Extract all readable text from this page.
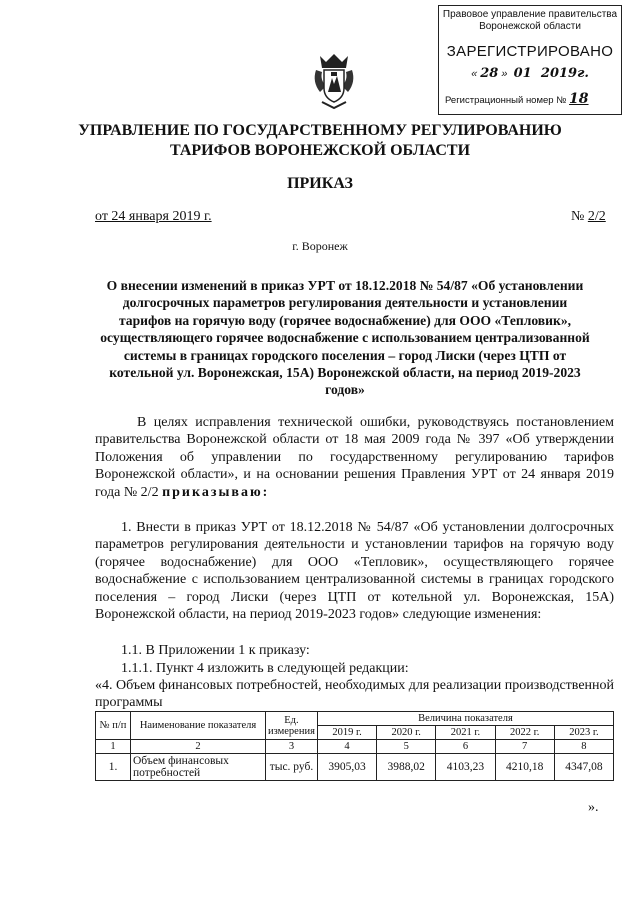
Правовое управление правительства
Воронежской области
ЗАРЕГИСТРИРОВАНО
« 28 »  01 2019г.
Регистрационный номер № 18
УПРАВЛЕНИЕ ПО ГОСУДАРСТВЕННОМУ РЕГУЛИРОВАНИЮ
ТАРИФОВ ВОРОНЕЖСКОЙ ОБЛАСТИ
ПРИКАЗ
от 24 января 2019 г.	№ 2/2
г. Воронеж
О внесении изменений в приказ УРТ от 18.12.2018 № 54/87 «Об установлении долгосрочных параметров регулирования деятельности и установлении тарифов на горячую воду (горячее водоснабжение) для ООО «Тепловик», осуществляющего горячее водоснабжение с использованием централизованной системы в границах городского поселения – город Лиски (через ЦТП от котельной ул. Воронежская, 15А) Воронежской области, на период 2019-2023 годов»
В целях исправления технической ошибки, руководствуясь постановлением правительства Воронежской области от 18 мая 2009 года № 397 «Об утверждении Положения об управлении по государственному регулированию тарифов Воронежской области», и на основании решения Правления УРТ от 24 января 2019 года № 2/2 приказываю:
1. Внести в приказ УРТ от 18.12.2018 № 54/87 «Об установлении долгосрочных параметров регулирования деятельности и установлении тарифов на горячую воду (горячее водоснабжение) для ООО «Тепловик», осуществляющего горячее водоснабжение с использованием централизованной системы в границах городского поселения – город Лиски (через ЦТП от котельной ул. Воронежская, 15А) Воронежской области, на период 2019-2023 годов» следующие изменения:
1.1. В Приложении 1 к приказу:
1.1.1. Пункт 4 изложить в следующей редакции:
«4. Объем финансовых потребностей, необходимых для реализации производственной программы
№ п/п	Наименование показателя	Ед. измерения	Величина показателя				
			2019 г.	2020 г.	2021 г.	2022 г.	2023 г.
1	2	3	4	5	6	7	8
1.	Объем финансовых потребностей	тыс. руб.	3905,03	3988,02	4103,23	4210,18	4347,08
».
